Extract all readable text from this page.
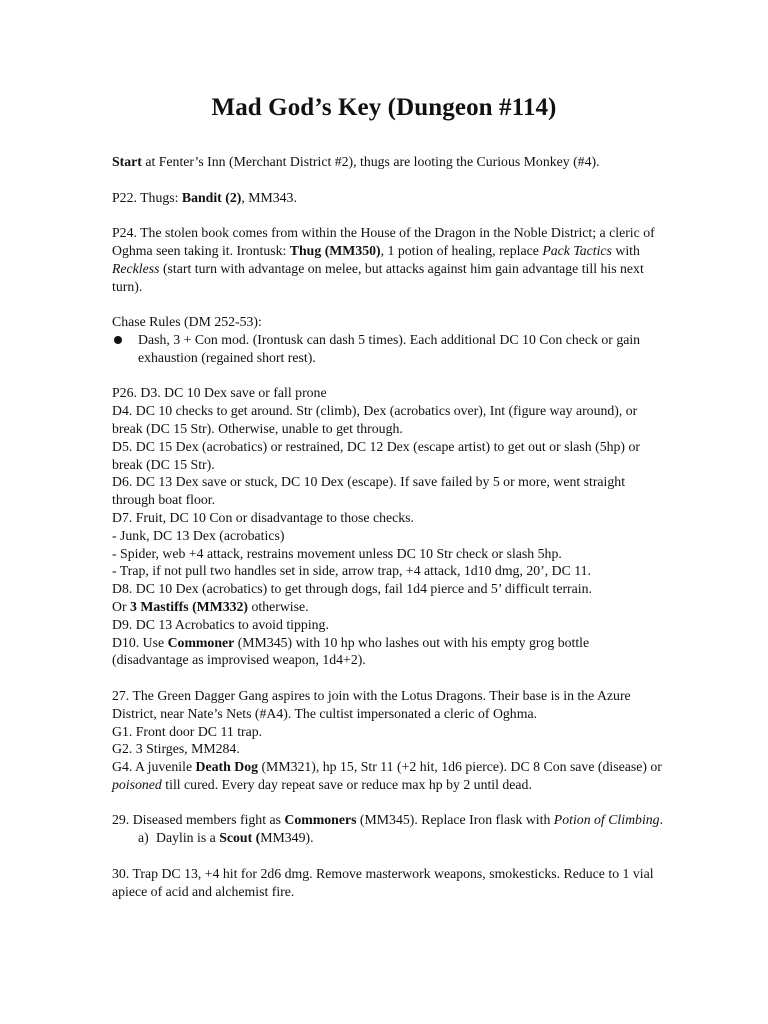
Mad God’s Key (Dungeon #114)

Start at Fenter’s Inn (Merchant District #2), thugs are looting the Curious Monkey (#4).

P22. Thugs: Bandit (2), MM343.

P24. The stolen book comes from within the House of the Dragon in the Noble District; a cleric of Oghma seen taking it. Irontusk: Thug (MM350), 1 potion of healing, replace Pack Tactics with Reckless (start turn with advantage on melee, but attacks against him gain advantage till his next turn).

Chase Rules (DM 252-53):
Dash, 3 + Con mod. (Irontusk can dash 5 times). Each additional DC 10 Con check or gain exhaustion (regained short rest).
P26. D3. DC 10 Dex save or fall prone
D4. DC 10 checks to get around. Str (climb), Dex (acrobatics over), Int (figure way around), or break (DC 15 Str). Otherwise, unable to get through.
D5. DC 15 Dex (acrobatics) or restrained, DC 12 Dex (escape artist) to get out or slash (5hp) or break (DC 15 Str).
D6. DC 13 Dex save or stuck, DC 10 Dex (escape). If save failed by 5 or more, went straight through boat floor.
D7. Fruit, DC 10 Con or disadvantage to those checks.
- Junk, DC 13 Dex (acrobatics)
- Spider, web +4 attack, restrains movement unless DC 10 Str check or slash 5hp.
- Trap, if not pull two handles set in side, arrow trap, +4 attack, 1d10 dmg, 20’, DC 11.
D8. DC 10 Dex (acrobatics) to get through dogs, fail 1d4 pierce and 5’ difficult terrain.
Or 3 Mastiffs (MM332) otherwise.
D9. DC 13 Acrobatics to avoid tipping.
D10. Use Commoner (MM345) with 10 hp who lashes out with his empty grog bottle (disadvantage as improvised weapon, 1d4+2).
27. The Green Dagger Gang aspires to join with the Lotus Dragons. Their base is in the Azure District, near Nate’s Nets (#A4). The cultist impersonated a cleric of Oghma.
G1. Front door DC 11 trap.
G2. 3 Stirges, MM284.
G4. A juvenile Death Dog (MM321), hp 15, Str 11 (+2 hit, 1d6 pierce). DC 8 Con save (disease) or poisoned till cured. Every day repeat save or reduce max hp by 2 until dead.
29. Diseased members fight as Commoners (MM345). Replace Iron flask with Potion of Climbing.
a) Daylin is a Scout (MM349).

30. Trap DC 13, +4 hit for 2d6 dmg. Remove masterwork weapons, smokesticks. Reduce to 1 vial apiece of acid and alchemist fire.
